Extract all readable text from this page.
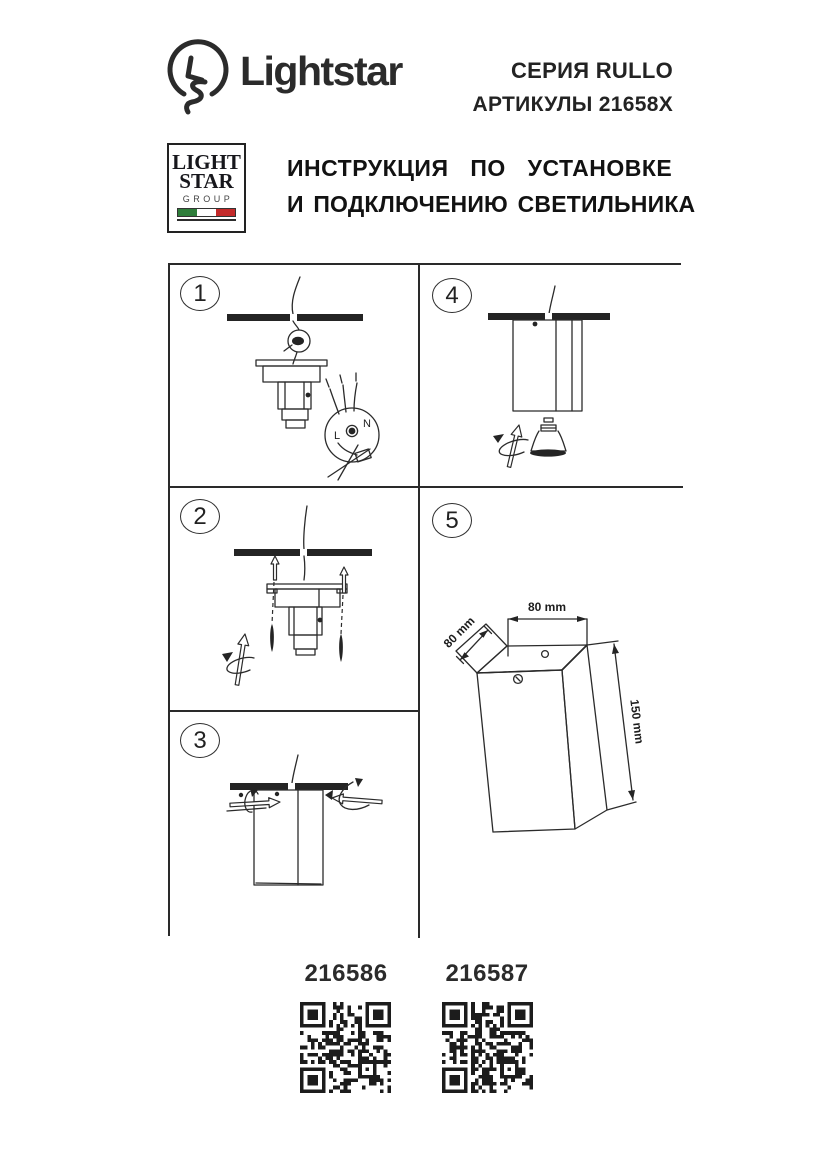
Lightstar	СЕРИЯ RULLO
АРТИКУЛЫ 21658X
LIGHT
STAR
GROUP
ИНСТРУКЦИЯ ПО УСТАНОВКЕ
И ПОДКЛЮЧЕНИЮ СВЕТИЛЬНИКА
L
N
1
2
3
4
80 mm
80 mm
150 mm
5
216586	216587
